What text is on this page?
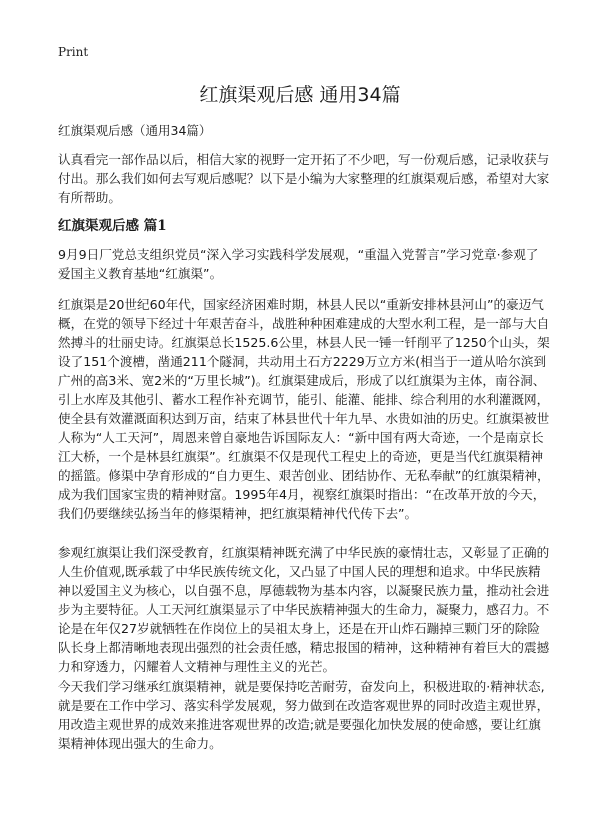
Print
红旗渠观后感 通用34篇

红旗渠观后感（通用34篇）

认真看完一部作品以后，相信大家的视野一定开拓了不少吧，写一份观后感，记录收获与付出。那么我们如何去写观后感呢？以下是小编为大家整理的红旗渠观后感，希望对大家有所帮助。

红旗渠观后感 篇1

9月9日厂党总支组织党员“深入学习实践科学发展观，“重温入党誓言”学习党章·参观了爱国主义教育基地“红旗渠”。

红旗渠是20世纪60年代，国家经济困难时期，林县人民以“重新安排林县河山”的豪迈气概，在党的领导下经过十年艰苦奋斗，战胜种种困难建成的大型水利工程，是一部与大自然搏斗的壮丽史诗。红旗渠总长1525.6公里，林县人民一锤一钎削平了1250个山头，架设了151个渡槽，凿通211个隧洞，共动用土石方2229万立方米(相当于一道从哈尔滨到广州的高3米、宽2米的“万里长城”)。红旗渠建成后，形成了以红旗渠为主体，南谷洞、引上水库及其他引、蓄水工程作补充调节，能引、能灌、能排、综合利用的水利灌溉网，使全县有效灌溉面积达到万亩，结束了林县世代十年九旱、水贵如油的历史。红旗渠被世人称为“人工天河”，周恩来曾自豪地告诉国际友人：“新中国有两大奇迹，一个是南京长江大桥，一个是林县红旗渠”。红旗渠不仅是现代工程史上的奇迹，更是当代红旗渠精神的摇篮。修渠中孕育形成的“自力更生、艰苦创业、团结协作、无私奉献”的红旗渠精神，成为我们国家宝贵的精神财富。1995年4月，视察红旗渠时指出：“在改革开放的今天，我们仍要继续弘扬当年的修渠精神，把红旗渠精神代代传下去”。

参观红旗渠让我们深受教育，红旗渠精神既充满了中华民族的豪情壮志，又彰显了正确的人生价值观,既承载了中华民族传统文化，又凸显了中国人民的理想和追求。中华民族精神以爱国主义为核心，以自强不息，厚德载物为基本内容，以凝聚民族力量，推动社会进步为主要特征。人工天河红旗渠显示了中华民族精神强大的生命力，凝聚力，感召力。不论是在年仅27岁就牺牲在作岗位上的吴祖太身上，还是在开山炸石蹦掉三颗门牙的除险队长身上都清晰地表现出强烈的社会责任感，精忠报国的精神，这种精神有着巨大的震撼力和穿透力，闪耀着人文精神与理性主义的光芒。

今天我们学习继承红旗渠精神，就是要保持吃苦耐劳，奋发向上，积极进取的·精神状态,就是要在工作中学习、落实科学发展观，努力做到在改造客观世界的同时改造主观世界，用改造主观世界的成效来推进客观世界的改造;就是要强化加快发展的使命感，要让红旗渠精神体现出强大的生命力。
